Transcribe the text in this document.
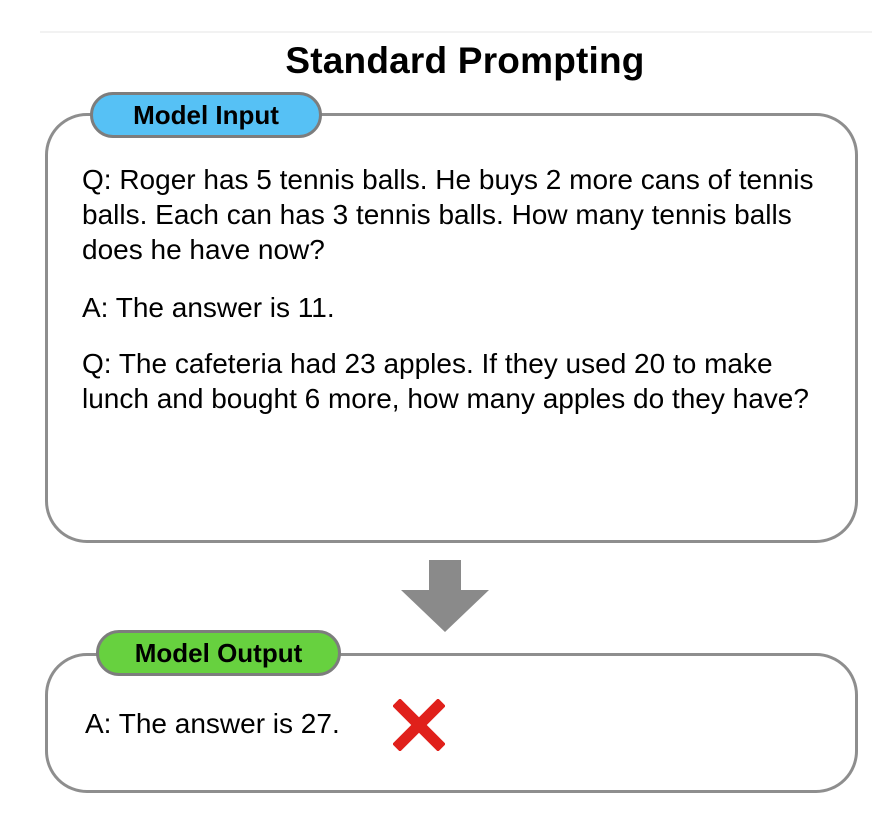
Standard Prompting
Model Input

Q: Roger has 5 tennis balls. He buys 2 more cans of tennis balls. Each can has 3 tennis balls. How many tennis balls does he have now?

A: The answer is 11.

Q: The cafeteria had 23 apples. If they used 20 to make lunch and bought 6 more, how many apples do they have?

Model Output
A: The answer is 27.
